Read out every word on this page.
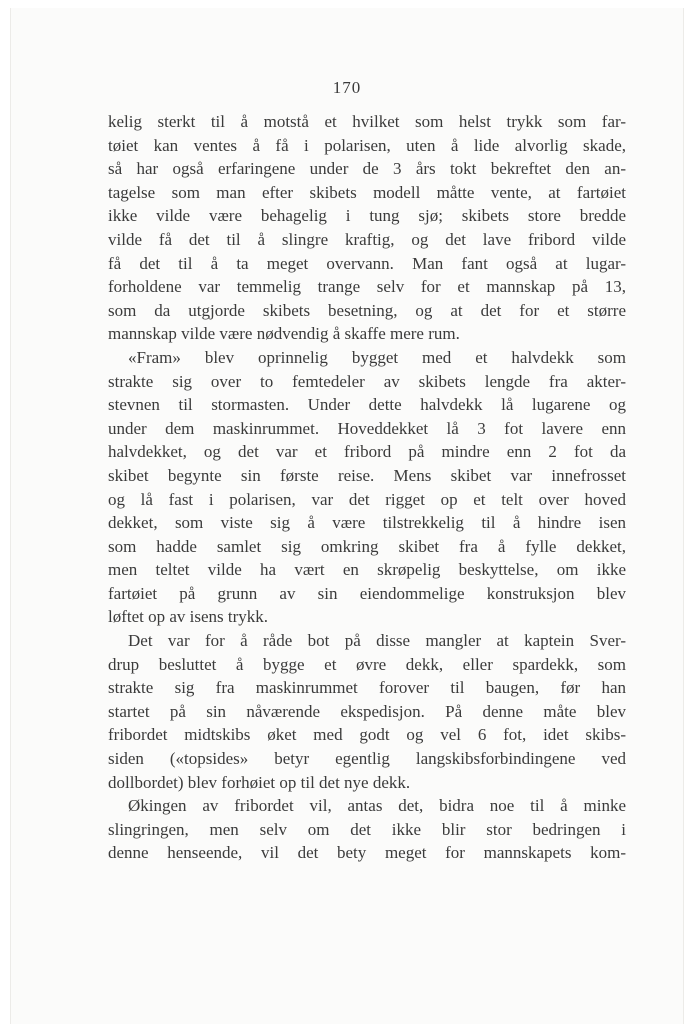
170
kelig sterkt til å motstå et hvilket som helst trykk som far-
tøiet kan ventes å få i polarisen, uten å lide alvorlig skade,
så har også erfaringene under de 3 års tokt bekreftet den an-
tagelse som man efter skibets modell måtte vente, at fartøiet
ikke vilde være behagelig i tung sjø; skibets store bredde
vilde få det til å slingre kraftig, og det lave fribord vilde
få det til å ta meget overvann. Man fant også at lugar-
forholdene var temmelig trange selv for et mannskap på 13,
som da utgjorde skibets besetning, og at det for et større
mannskap vilde være nødvendig å skaffe mere rum.
«Fram» blev oprinnelig bygget med et halvdekk som
strakte sig over to femtedeler av skibets lengde fra akter-
stevnen til stormasten. Under dette halvdekk lå lugarene og
under dem maskinrummet. Hoveddekket lå 3 fot lavere enn
halvdekket, og det var et fribord på mindre enn 2 fot da
skibet begynte sin første reise. Mens skibet var innefrosset
og lå fast i polarisen, var det rigget op et telt over hoved
dekket, som viste sig å være tilstrekkelig til å hindre isen
som hadde samlet sig omkring skibet fra å fylle dekket,
men teltet vilde ha vært en skrøpelig beskyttelse, om ikke
fartøiet på grunn av sin eiendommelige konstruksjon blev
løftet op av isens trykk.
Det var for å råde bot på disse mangler at kaptein Sver-
drup besluttet å bygge et øvre dekk, eller spardekk, som
strakte sig fra maskinrummet forover til baugen, før han
startet på sin nåværende ekspedisjon. På denne måte blev
fribordet midtskibs øket med godt og vel 6 fot, idet skibs-
siden («topsides» betyr egentlig langskibsforbindingene ved
dollbordet) blev forhøiet op til det nye dekk.
Økingen av fribordet vil, antas det, bidra noe til å minke
slingringen, men selv om det ikke blir stor bedringen i
denne henseende, vil det bety meget for mannskapets kom-
